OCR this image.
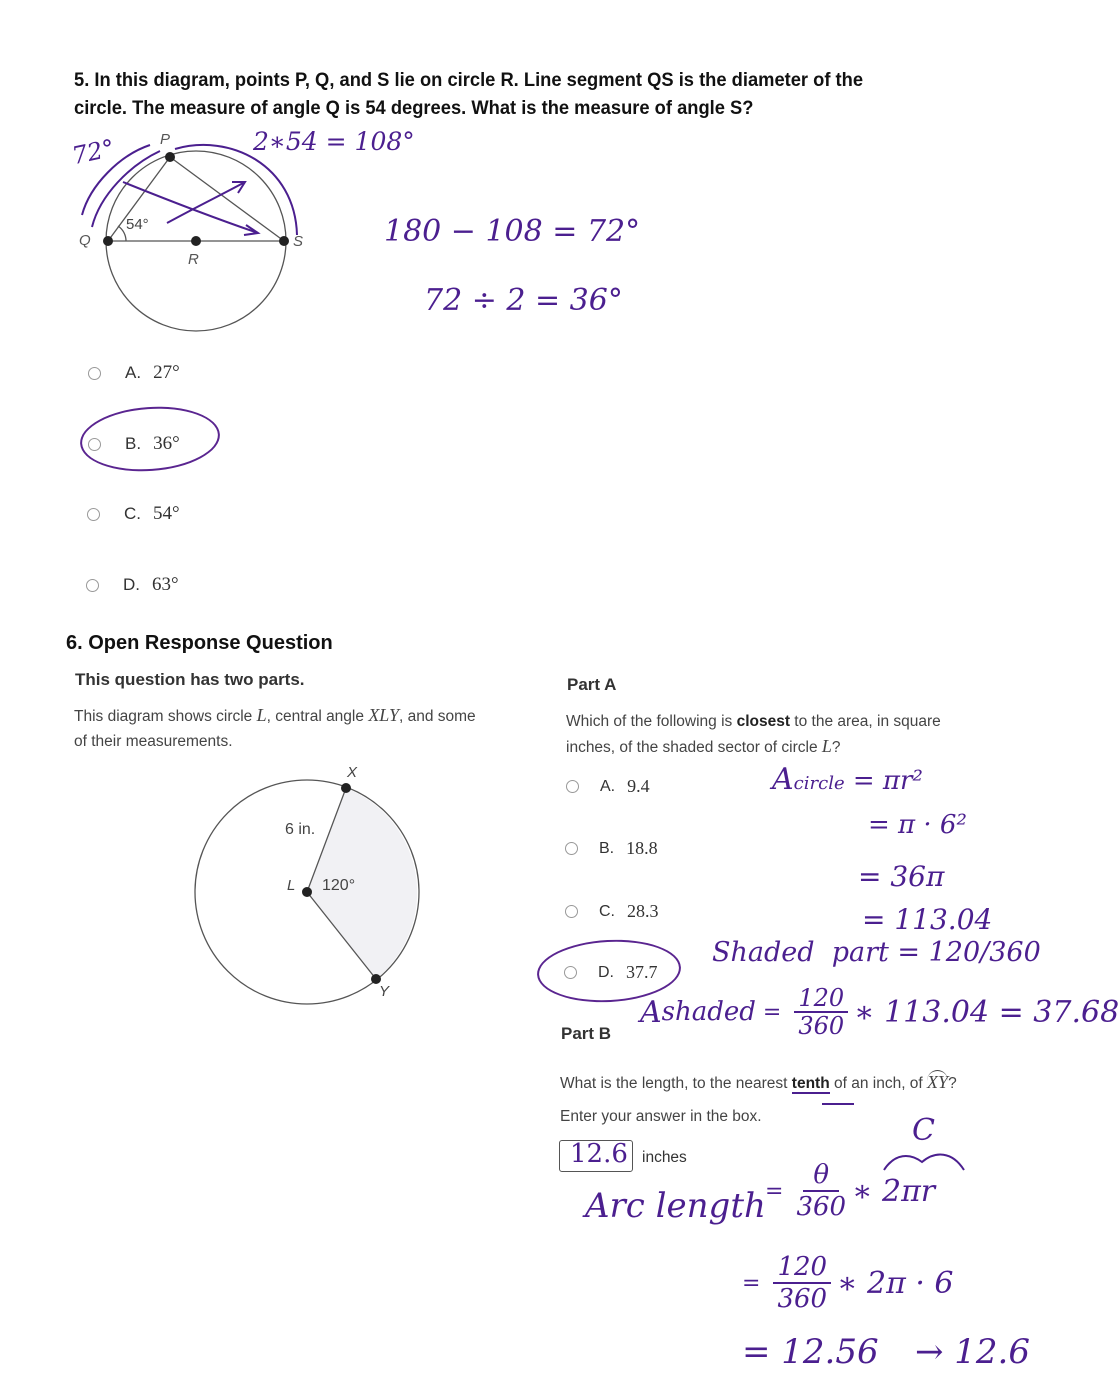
5. In this diagram, points P, Q, and S lie on circle R. Line segment QS is the diameter of the
circle. The measure of angle Q is 54 degrees. What is the measure of angle S?
P
Q
R
S
54°
72°	2∗54 = 108°
180 − 108 = 72°
72 ÷ 2 = 36°
A. 27°
B. 36°
C. 54°
D. 63°
6. Open Response Question
This question has two parts.
This diagram shows circle L, central angle XLY, and some
of their measurements.
X
Y
L
6 in.
120°
Part A
Which of the following is closest to the area, in square
inches, of the shaded sector of circle L?
A. 9.4
B. 18.8
C. 28.3
D. 37.7
Acircle = πr²
= π · 6²
= 36π
= 113.04
Shaded  part = 120/360
A shaded = $\frac{120}{360}$ ∗ 113.04 = 37.68
Part B
What is the length, to the nearest tenth of an inch, of XY?
Enter your answer in the box.
12.6 inches
C
Arc length = $\frac{\theta}{360}$ ∗ 2πr
= $\frac{120}{360}$ ∗ 2π · 6
= 12.56 → 12.6
